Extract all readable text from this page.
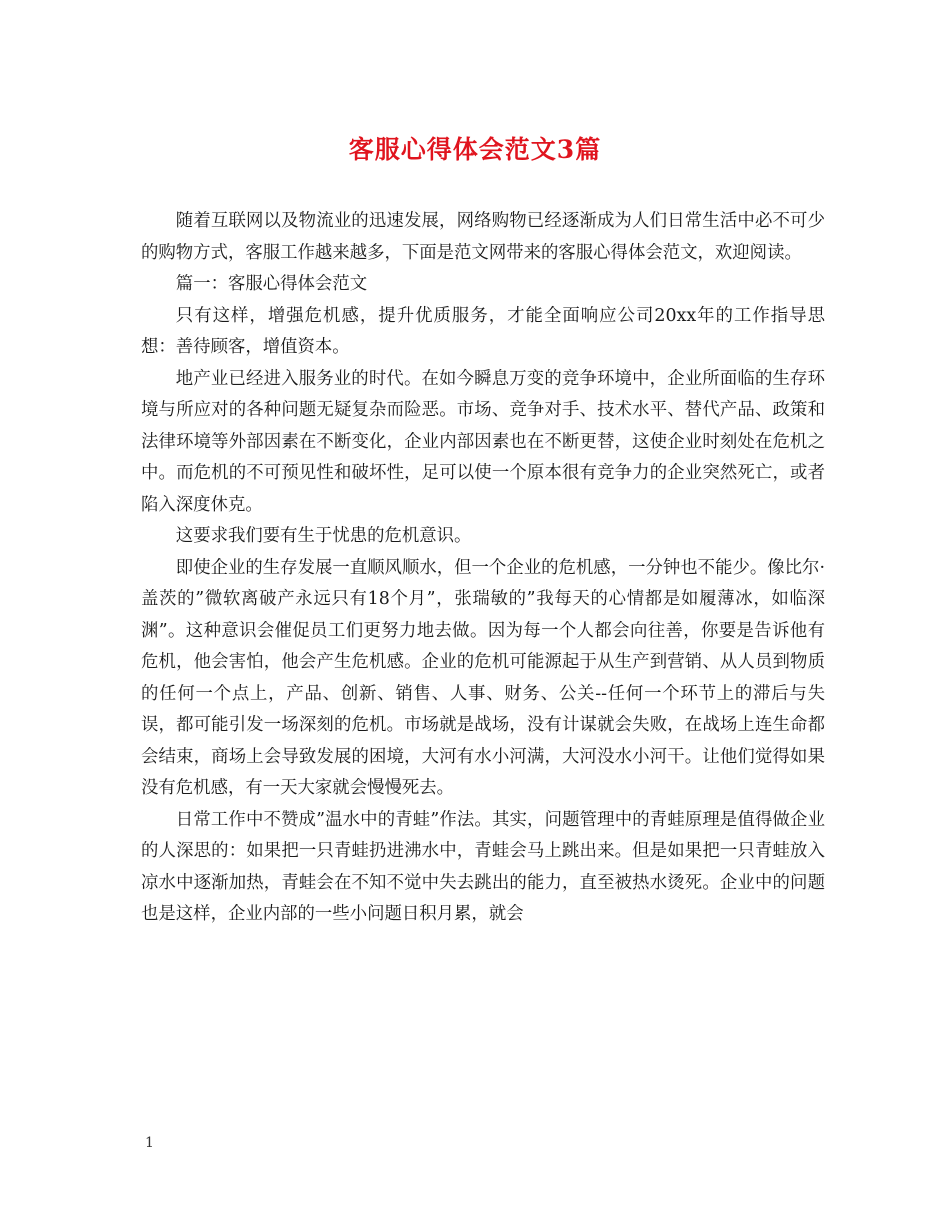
客服心得体会范文3篇

随着互联网以及物流业的迅速发展，网络购物已经逐渐成为人们日常生活中必不可少的购物方式，客服工作越来越多，下面是范文网带来的客服心得体会范文，欢迎阅读。

篇一：客服心得体会范文

只有这样，增强危机感，提升优质服务，才能全面响应公司20xx年的工作指导思想：善待顾客，增值资本。

地产业已经进入服务业的时代。在如今瞬息万变的竞争环境中，企业所面临的生存环境与所应对的各种问题无疑复杂而险恶。市场、竞争对手、技术水平、替代产品、政策和法律环境等外部因素在不断变化，企业内部因素也在不断更替，这使企业时刻处在危机之中。而危机的不可预见性和破坏性，足可以使一个原本很有竞争力的企业突然死亡，或者陷入深度休克。

这要求我们要有生于忧患的危机意识。

即使企业的生存发展一直顺风顺水，但一个企业的危机感，一分钟也不能少。像比尔·盖茨的”微软离破产永远只有18个月”，张瑞敏的”我每天的心情都是如履薄冰，如临深渊”。这种意识会催促员工们更努力地去做。因为每一个人都会向往善，你要是告诉他有危机，他会害怕，他会产生危机感。企业的危机可能源起于从生产到营销、从人员到物质的任何一个点上，产品、创新、销售、人事、财务、公关--任何一个环节上的滞后与失误，都可能引发一场深刻的危机。市场就是战场，没有计谋就会失败，在战场上连生命都会结束，商场上会导致发展的困境，大河有水小河满，大河没水小河干。让他们觉得如果没有危机感，有一天大家就会慢慢死去。

日常工作中不赞成”温水中的青蛙”作法。其实，问题管理中的青蛙原理是值得做企业的人深思的：如果把一只青蛙扔进沸水中，青蛙会马上跳出来。但是如果把一只青蛙放入凉水中逐渐加热，青蛙会在不知不觉中失去跳出的能力，直至被热水烫死。企业中的问题也是这样，企业内部的一些小问题日积月累，就会

1
